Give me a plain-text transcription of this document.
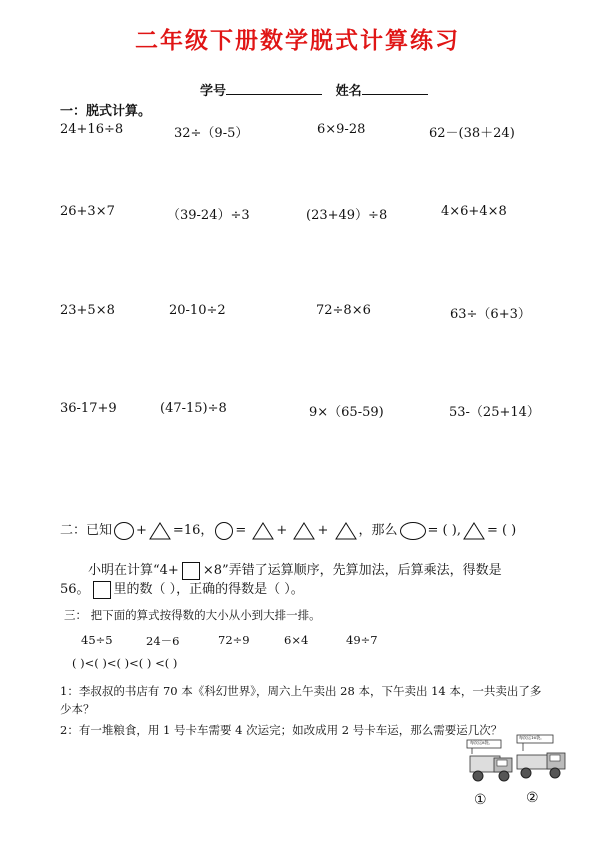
二年级下册数学脱式计算练习
学号	姓名
一：脱式计算。
24+16÷8	32÷（9-5）	6×9-28	62－(38＋24)
26+3×7	（39-24）÷3	(23+49）÷8	4×6+4×8
23+5×8	20-10÷2	72÷8×6	63÷（6+3）
36-17+9	(47-15)÷8	9×（65-59)	53-（25+14）
二：已知 + =16， = + + ，那么 = ( ), = ( )
小明在计算“4+ ×8”弄错了运算顺序，先算加法，后算乘法，得数是
56。 里的数（ ），正确的得数是（ ）。
三： 把下面的算式按得数的大小从小到大排一排。
45÷5	24－6	72÷9	6×4	49÷7
( )<( )<( )<( ) <( )
1：李叔叔的书店有 70 本《科幻世界》，周六上午卖出 28 本，下午卖出 14 本，一共卖出了多
少本？
2：有一堆粮食，用 1 号卡车需要 4 次运完；如改成用 2 号卡车运，那么需要运几次？
每次运8袋。
每次运16袋。
①	②
